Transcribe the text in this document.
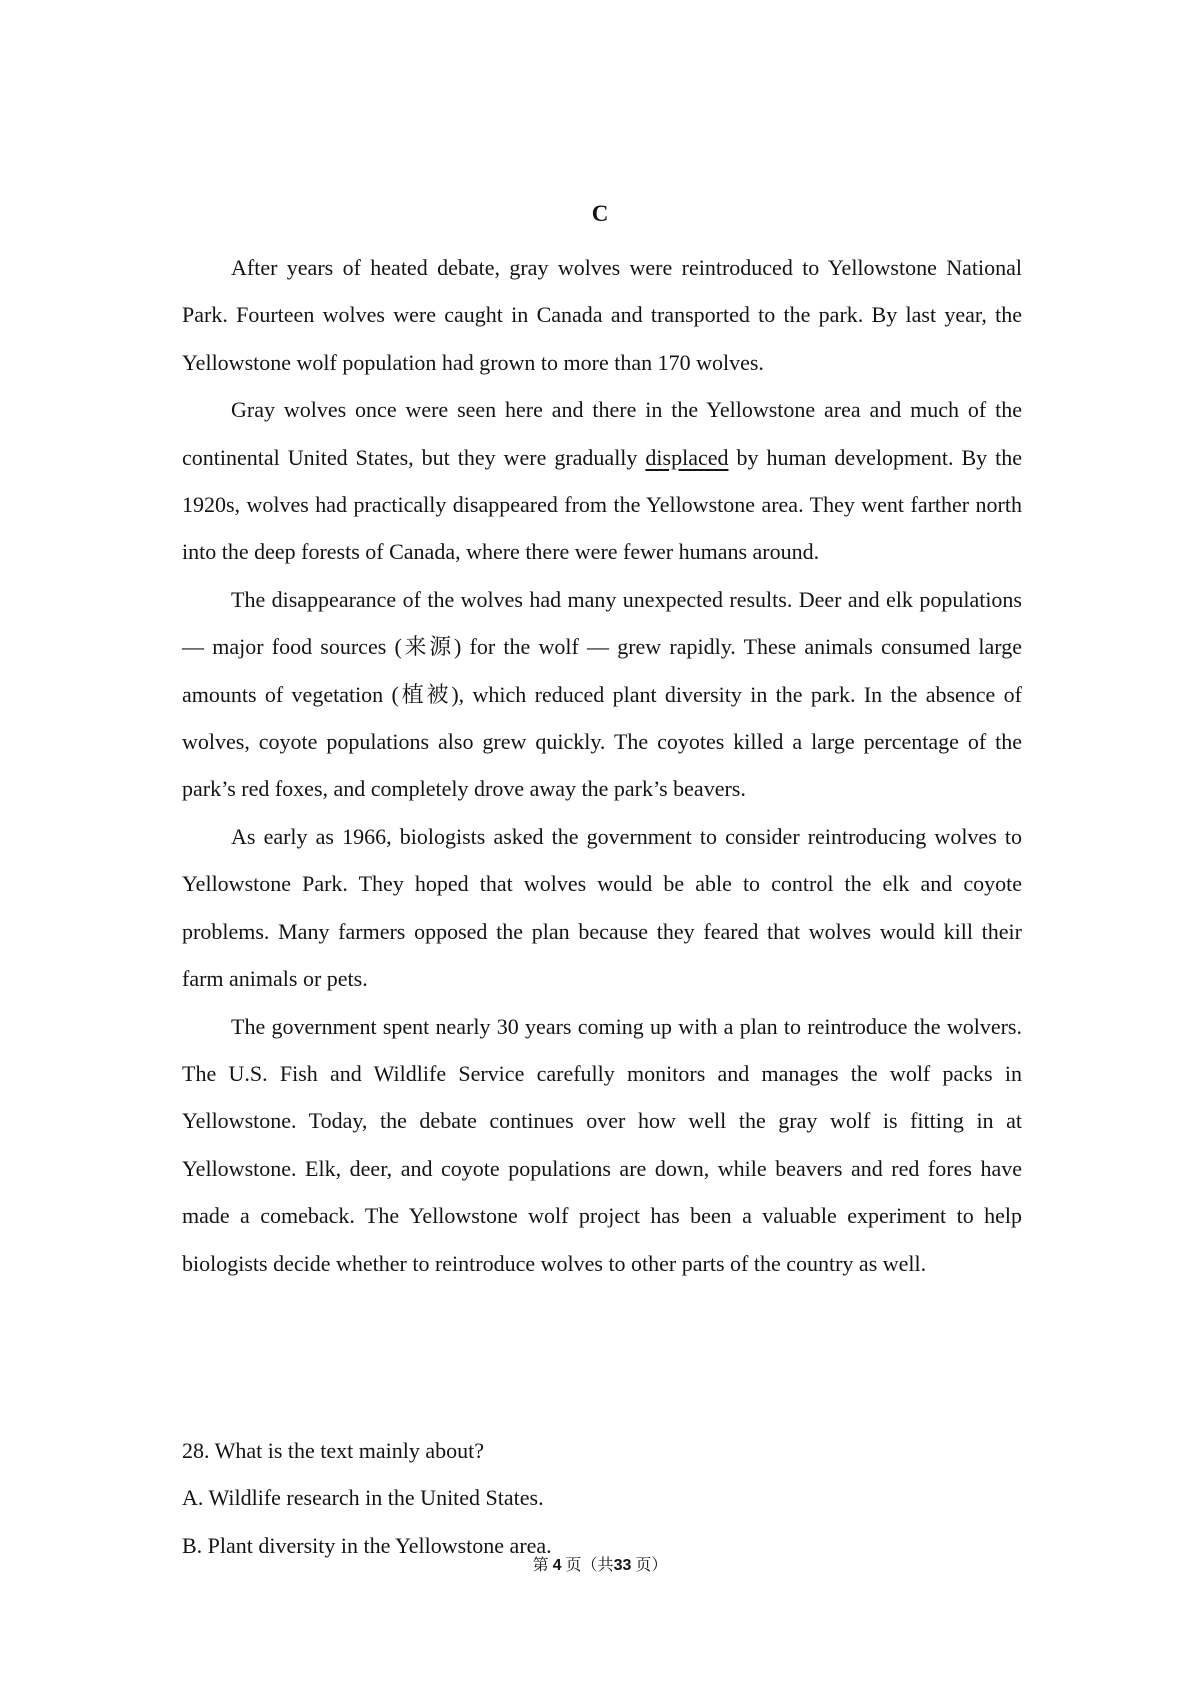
C

After years of heated debate, gray wolves were reintroduced to Yellowstone National Park. Fourteen wolves were caught in Canada and transported to the park. By last year, the Yellowstone wolf population had grown to more than 170 wolves.

Gray wolves once were seen here and there in the Yellowstone area and much of the continental United States, but they were gradually displaced by human development. By the 1920s, wolves had practically disappeared from the Yellowstone area. They went farther north into the deep forests of Canada, where there were fewer humans around.

The disappearance of the wolves had many unexpected results. Deer and elk populations — major food sources (来源) for the wolf — grew rapidly. These animals consumed large amounts of vegetation (植被), which reduced plant diversity in the park. In the absence of wolves, coyote populations also grew quickly. The coyotes killed a large percentage of the park’s red foxes, and completely drove away the park’s beavers.

As early as 1966, biologists asked the government to consider reintroducing wolves to Yellowstone Park. They hoped that wolves would be able to control the elk and coyote problems. Many farmers opposed the plan because they feared that wolves would kill their farm animals or pets.

The government spent nearly 30 years coming up with a plan to reintroduce the wolvers. The U.S. Fish and Wildlife Service carefully monitors and manages the wolf packs in Yellowstone. Today, the debate continues over how well the gray wolf is fitting in at Yellowstone. Elk, deer, and coyote populations are down, while beavers and red fores have made a comeback. The Yellowstone wolf project has been a valuable experiment to help biologists decide whether to reintroduce wolves to other parts of the country as well.

28. What is the text mainly about?
A. Wildlife research in the United States.
B. Plant diversity in the Yellowstone area.
第 4 页（共33 页）
